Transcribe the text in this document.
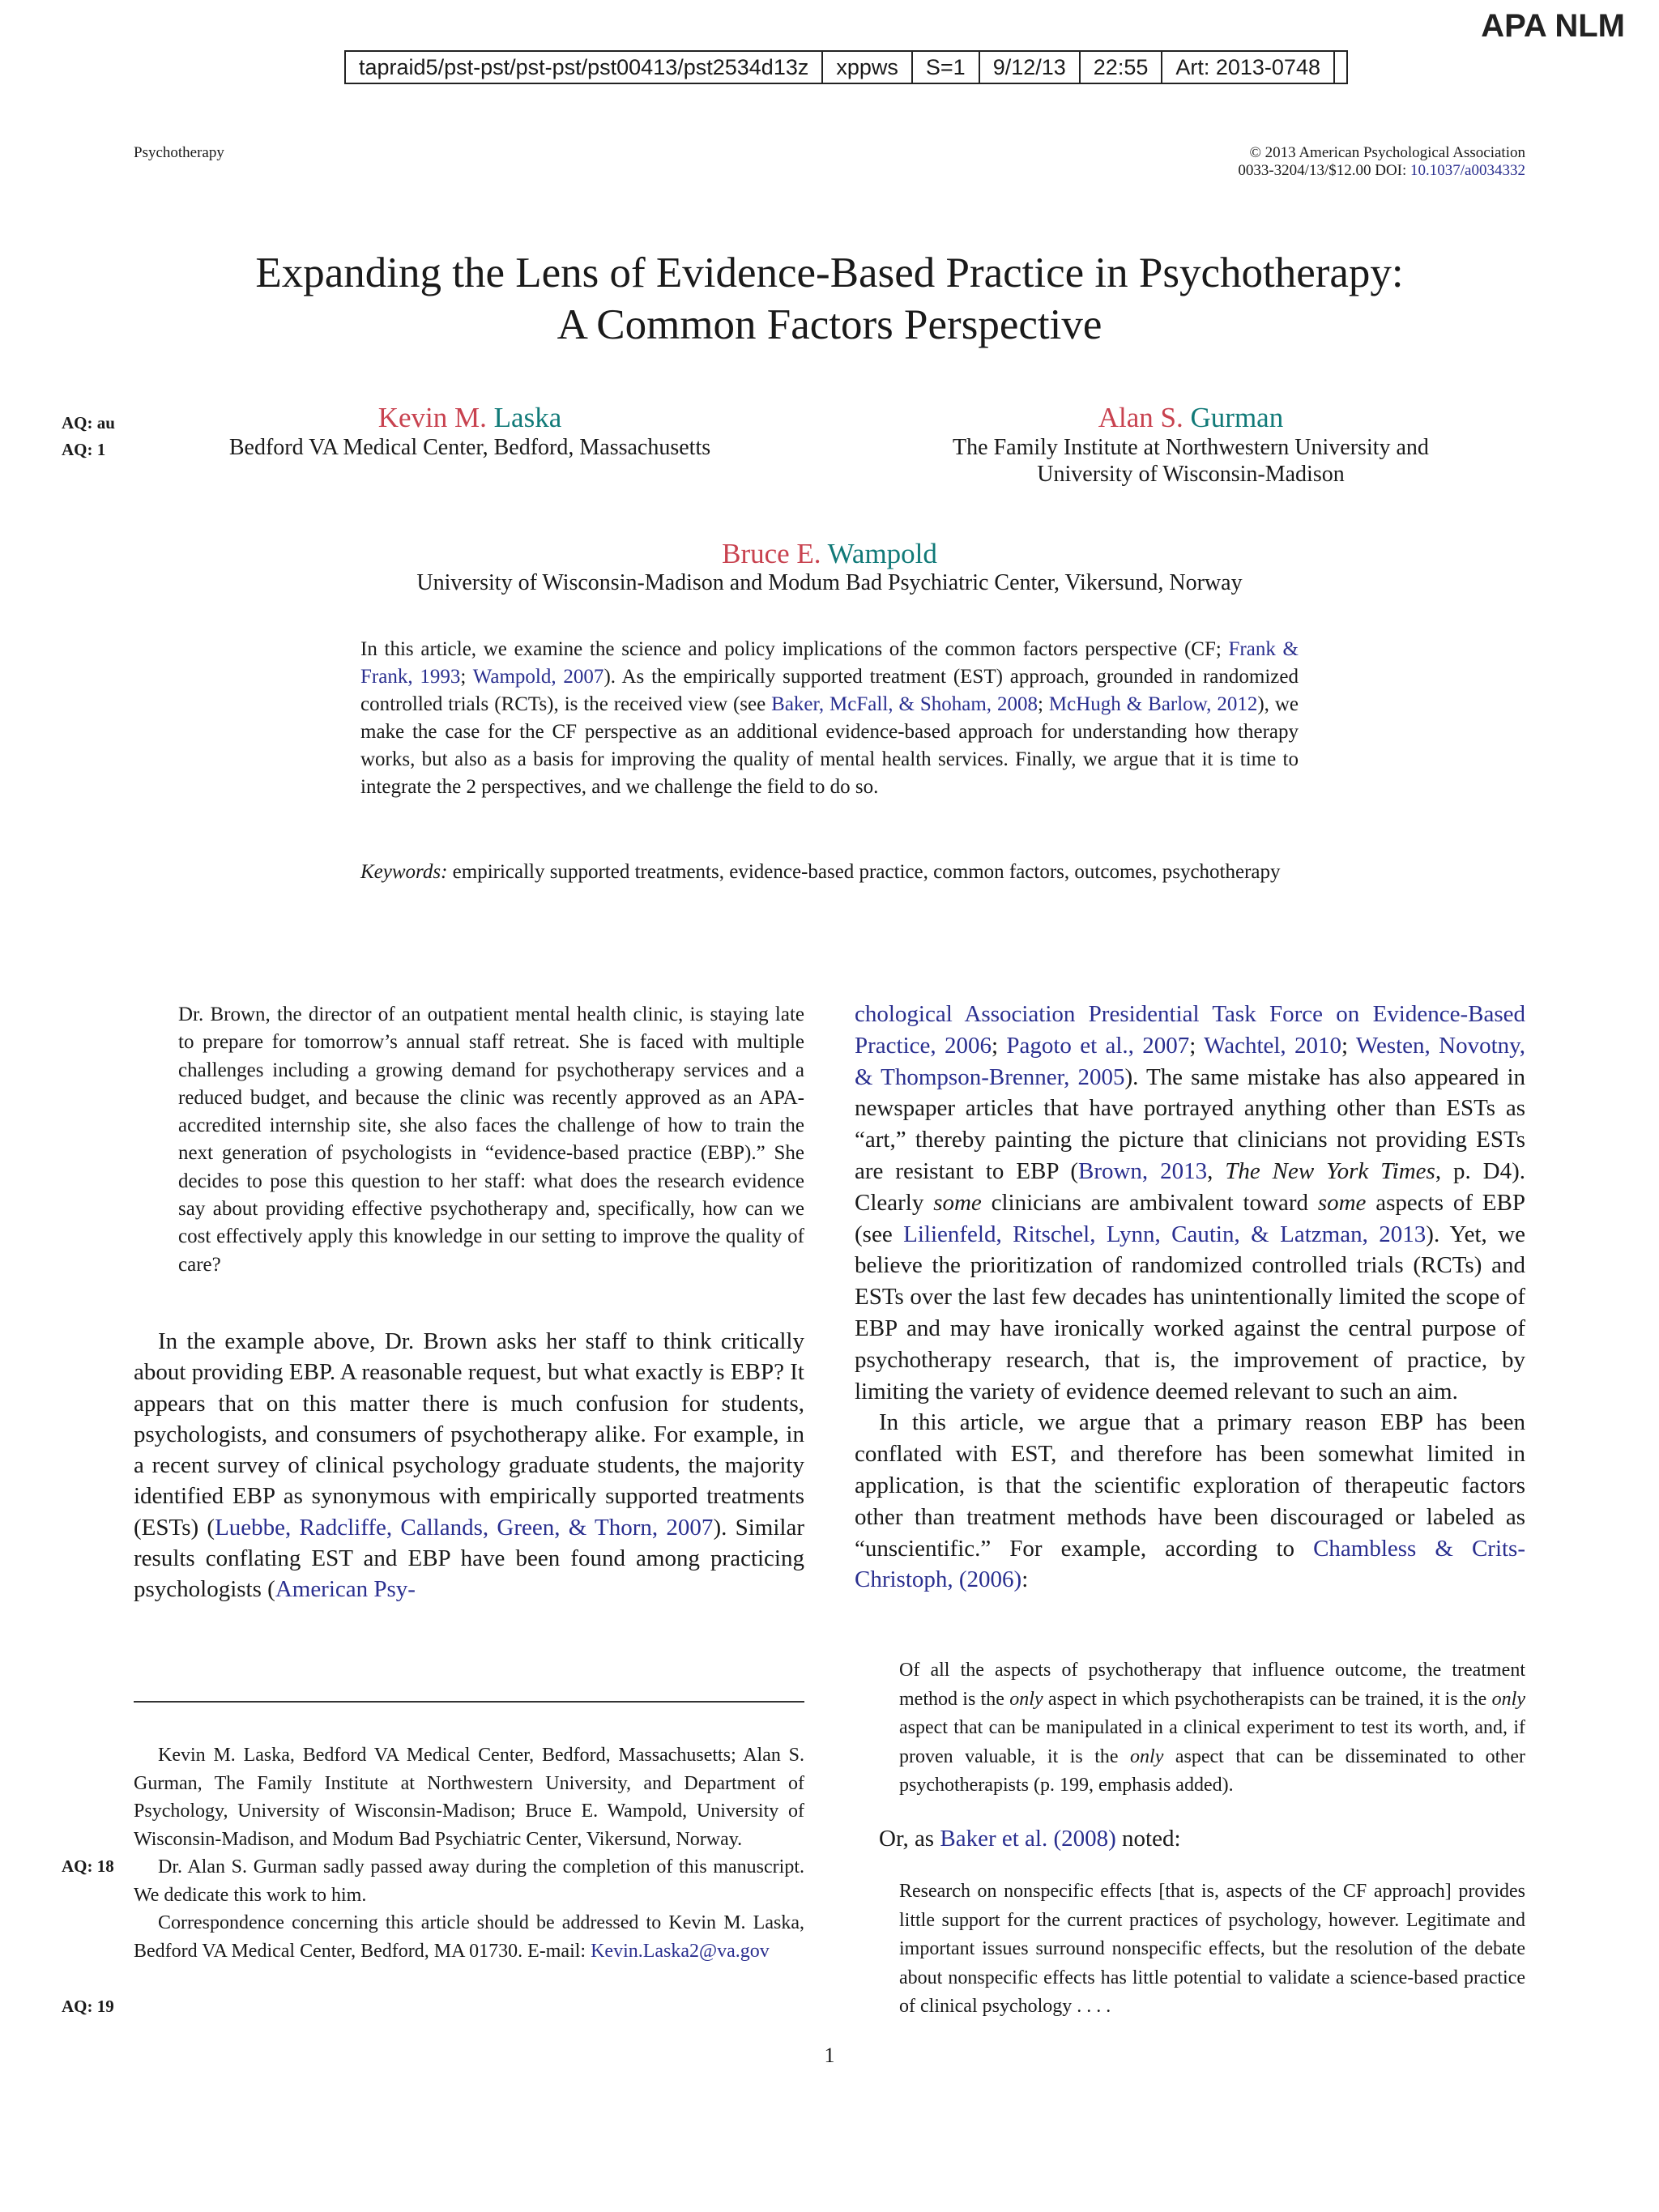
tapraid5/pst-pst/pst-pst/pst00413/pst2534d13z	xppws	S=1	9/12/13	22:55	Art: 2013-0748
APA NLM
Psychotherapy	© 2013 American Psychological Association
0033-3204/13/$12.00 DOI: 10.1037/a0034332
Expanding the Lens of Evidence-Based Practice in Psychotherapy:
A Common Factors Perspective
AQ: au
AQ: 1
AQ: 18
AQ: 19
Kevin M. Laska
Bedford VA Medical Center, Bedford, Massachusetts
Alan S. Gurman
The Family Institute at Northwestern University and
University of Wisconsin-Madison
Bruce E. Wampold
University of Wisconsin-Madison and Modum Bad Psychiatric Center, Vikersund, Norway
In this article, we examine the science and policy implications of the common factors perspective (CF; Frank & Frank, 1993; Wampold, 2007). As the empirically supported treatment (EST) approach, grounded in randomized controlled trials (RCTs), is the received view (see Baker, McFall, & Shoham, 2008; McHugh & Barlow, 2012), we make the case for the CF perspective as an additional evidence-based approach for understanding how therapy works, but also as a basis for improving the quality of mental health services. Finally, we argue that it is time to integrate the 2 perspectives, and we challenge the field to do so.
Keywords: empirically supported treatments, evidence-based practice, common factors, outcomes, psychotherapy
Dr. Brown, the director of an outpatient mental health clinic, is staying late to prepare for tomorrow’s annual staff retreat. She is faced with multiple challenges including a growing demand for psychotherapy services and a reduced budget, and because the clinic was recently approved as an APA-accredited internship site, she also faces the challenge of how to train the next generation of psychologists in “evidence-based practice (EBP).” She decides to pose this question to her staff: what does the research evidence say about providing effective psychotherapy and, specifically, how can we cost effectively apply this knowledge in our setting to improve the quality of care?
In the example above, Dr. Brown asks her staff to think critically about providing EBP. A reasonable request, but what exactly is EBP? It appears that on this matter there is much confusion for students, psychologists, and consumers of psychotherapy alike. For example, in a recent survey of clinical psychology graduate students, the majority identified EBP as synonymous with empirically supported treatments (ESTs) (Luebbe, Radcliffe, Callands, Green, & Thorn, 2007). Similar results conflating EST and EBP have been found among practicing psychologists (American Psy-

Kevin M. Laska, Bedford VA Medical Center, Bedford, Massachusetts; Alan S. Gurman, The Family Institute at Northwestern University, and Department of Psychology, University of Wisconsin-Madison; Bruce E. Wampold, University of Wisconsin-Madison, and Modum Bad Psychiatric Center, Vikersund, Norway.

Dr. Alan S. Gurman sadly passed away during the completion of this manuscript. We dedicate this work to him.

Correspondence concerning this article should be addressed to Kevin M. Laska, Bedford VA Medical Center, Bedford, MA 01730. E-mail: Kevin.Laska2@va.gov

chological Association Presidential Task Force on Evidence-Based Practice, 2006; Pagoto et al., 2007; Wachtel, 2010; Westen, Novotny, & Thompson-Brenner, 2005). The same mistake has also appeared in newspaper articles that have portrayed anything other than ESTs as “art,” thereby painting the picture that clinicians not providing ESTs are resistant to EBP (Brown, 2013, The New York Times, p. D4). Clearly some clinicians are ambivalent toward some aspects of EBP (see Lilienfeld, Ritschel, Lynn, Cautin, & Latzman, 2013). Yet, we believe the prioritization of randomized controlled trials (RCTs) and ESTs over the last few decades has unintentionally limited the scope of EBP and may have ironically worked against the central purpose of psychotherapy research, that is, the improvement of practice, by limiting the variety of evidence deemed relevant to such an aim.

In this article, we argue that a primary reason EBP has been conflated with EST, and therefore has been somewhat limited in application, is that the scientific exploration of therapeutic factors other than treatment methods have been discouraged or labeled as “unscientific.” For example, according to Chambless & Crits-Christoph, (2006):

Of all the aspects of psychotherapy that influence outcome, the treatment method is the only aspect in which psychotherapists can be trained, it is the only aspect that can be manipulated in a clinical experiment to test its worth, and, if proven valuable, it is the only aspect that can be disseminated to other psychotherapists (p. 199, emphasis added).
Or, as Baker et al. (2008) noted:
Research on nonspecific effects [that is, aspects of the CF approach] provides little support for the current practices of psychology, however. Legitimate and important issues surround nonspecific effects, but the resolution of the debate about nonspecific effects has little potential to validate a science-based practice of clinical psychology . . . .
1
